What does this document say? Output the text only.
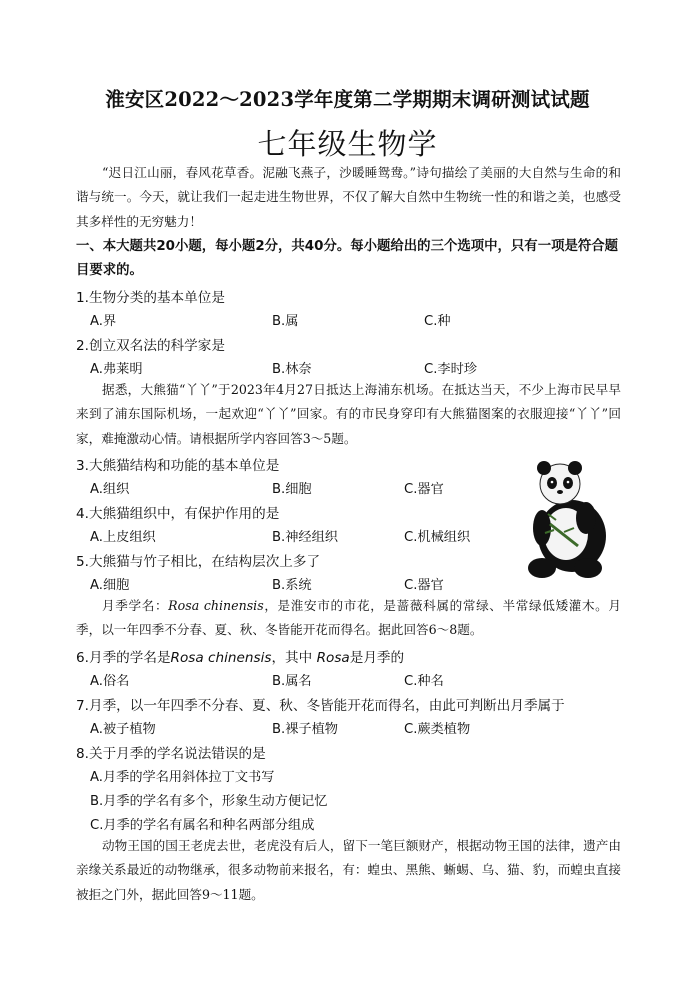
淮安区2022～2023学年度第二学期期末调研测试试题
七年级生物学
“迟日江山丽，春风花草香。泥融飞燕子，沙暖睡鸳鸯。”诗句描绘了美丽的大自然与生命的和谐与统一。今天，就让我们一起走进生物世界，不仅了解大自然中生物统一性的和谐之美，也感受其多样性的无穷魅力！
一、本大题共20小题，每小题2分，共40分。每小题给出的三个选项中，只有一项是符合题目要求的。
1.生物分类的基本单位是
A.界	B.属	C.种
2.创立双名法的科学家是
A.弗莱明	B.林奈	C.李时珍
据悉，大熊猫“丫丫”于2023年4月27日抵达上海浦东机场。在抵达当天，不少上海市民早早来到了浦东国际机场，一起欢迎“丫丫”回家。有的市民身穿印有大熊猫图案的衣服迎接“丫丫”回家，难掩激动心情。请根据所学内容回答3～5题。
3.大熊猫结构和功能的基本单位是
A.组织	B.细胞	C.器官
4.大熊猫组织中，有保护作用的是
A.上皮组织	B.神经组织	C.机械组织
5.大熊猫与竹子相比，在结构层次上多了
A.细胞	B.系统	C.器官
月季学名：Rosa chinensis，是淮安市的市花，是蔷薇科属的常绿、半常绿低矮灌木。月季，以一年四季不分春、夏、秋、冬皆能开花而得名。据此回答6～8题。
6.月季的学名是Rosa chinensis，其中 Rosa是月季的
A.俗名	B.属名	C.种名
7.月季，以一年四季不分春、夏、秋、冬皆能开花而得名，由此可判断出月季属于
A.被子植物	B.裸子植物	C.蕨类植物
8.关于月季的学名说法错误的是
A.月季的学名用斜体拉丁文书写
B.月季的学名有多个，形象生动方便记忆
C.月季的学名有属名和种名两部分组成
动物王国的国王老虎去世，老虎没有后人，留下一笔巨额财产，根据动物王国的法律，遗产由亲缘关系最近的动物继承，很多动物前来报名，有：蝗虫、黑熊、蜥蜴、乌、猫、豹，而蝗虫直接被拒之门外，据此回答9～11题。
